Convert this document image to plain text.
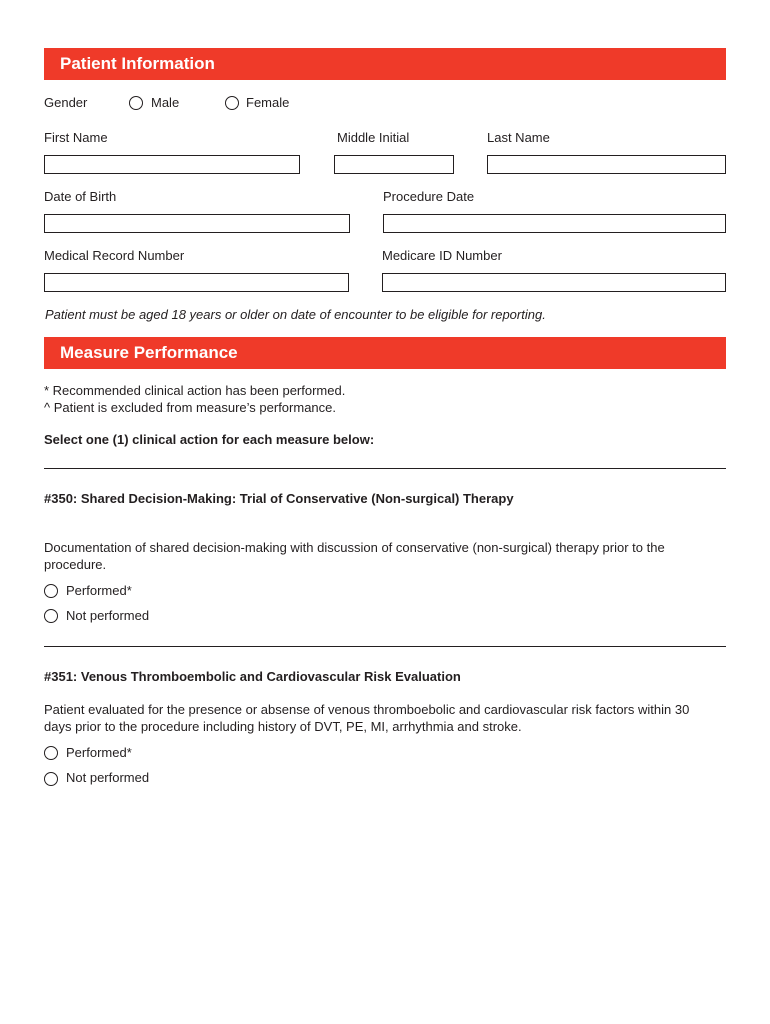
Patient Information
Gender	Male	Female
First Name	Middle Initial	Last Name
Date of Birth	Procedure Date
Medical Record Number	Medicare ID Number
Patient must be aged 18 years or older on date of encounter to be eligible for reporting.
Measure Performance
* Recommended clinical action has been performed.
^ Patient is excluded from measure’s performance.
Select one (1) clinical action for each measure below:
#350: Shared Decision-Making: Trial of Conservative (Non-surgical) Therapy
Documentation of shared decision-making with discussion of conservative (non-surgical) therapy prior to the procedure.
Performed*
Not performed
#351: Venous Thromboembolic and Cardiovascular Risk Evaluation
Patient evaluated for the presence or absense of venous thromboebolic and cardiovascular risk factors within 30 days prior to the procedure including history of DVT, PE, MI, arrhythmia and stroke.
Performed*
Not performed
